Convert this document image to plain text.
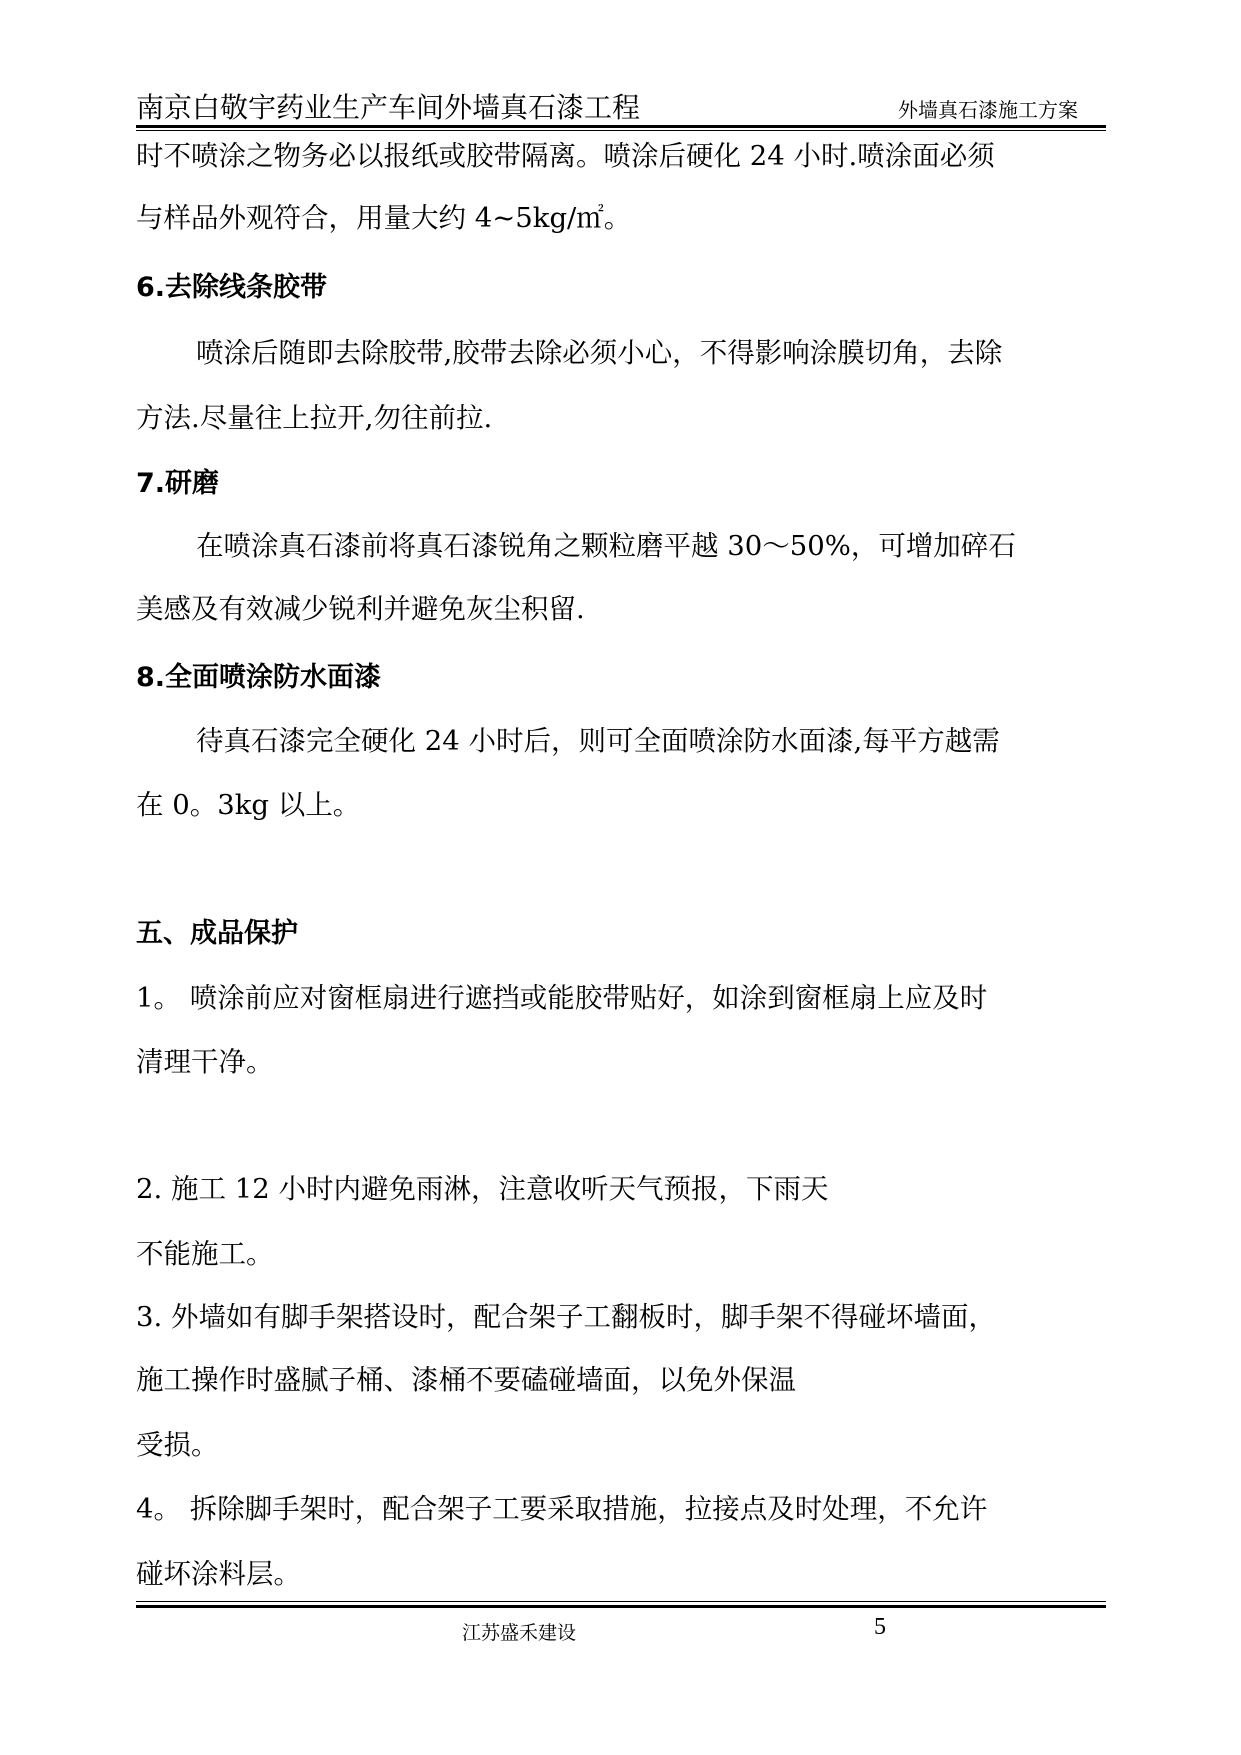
南京白敬宇药业生产车间外墙真石漆工程	外墙真石漆施工方案
时不喷涂之物务必以报纸或胶带隔离。喷涂后硬化 24 小时.喷涂面必须
与样品外观符合，用量大约 4~5kg/㎡。
6.去除线条胶带
喷涂后随即去除胶带,胶带去除必须小心，不得影响涂膜切角，去除
方法.尽量往上拉开,勿往前拉.
7.研磨
在喷涂真石漆前将真石漆锐角之颗粒磨平越 30～50%，可增加碎石
美感及有效减少锐利并避免灰尘积留.
8.全面喷涂防水面漆
待真石漆完全硬化 24 小时后，则可全面喷涂防水面漆,每平方越需
在 0。3kg 以上。
五、成品保护
1。 喷涂前应对窗框扇进行遮挡或能胶带贴好，如涂到窗框扇上应及时
清理干净。
2. 施工 12 小时内避免雨淋，注意收听天气预报，下雨天
不能施工。
3. 外墙如有脚手架搭设时，配合架子工翻板时，脚手架不得碰坏墙面，
施工操作时盛腻子桶、漆桶不要磕碰墙面，以免外保温
受损。
4。 拆除脚手架时，配合架子工要采取措施，拉接点及时处理，不允许
碰坏涂料层。
江苏盛禾建设	5
